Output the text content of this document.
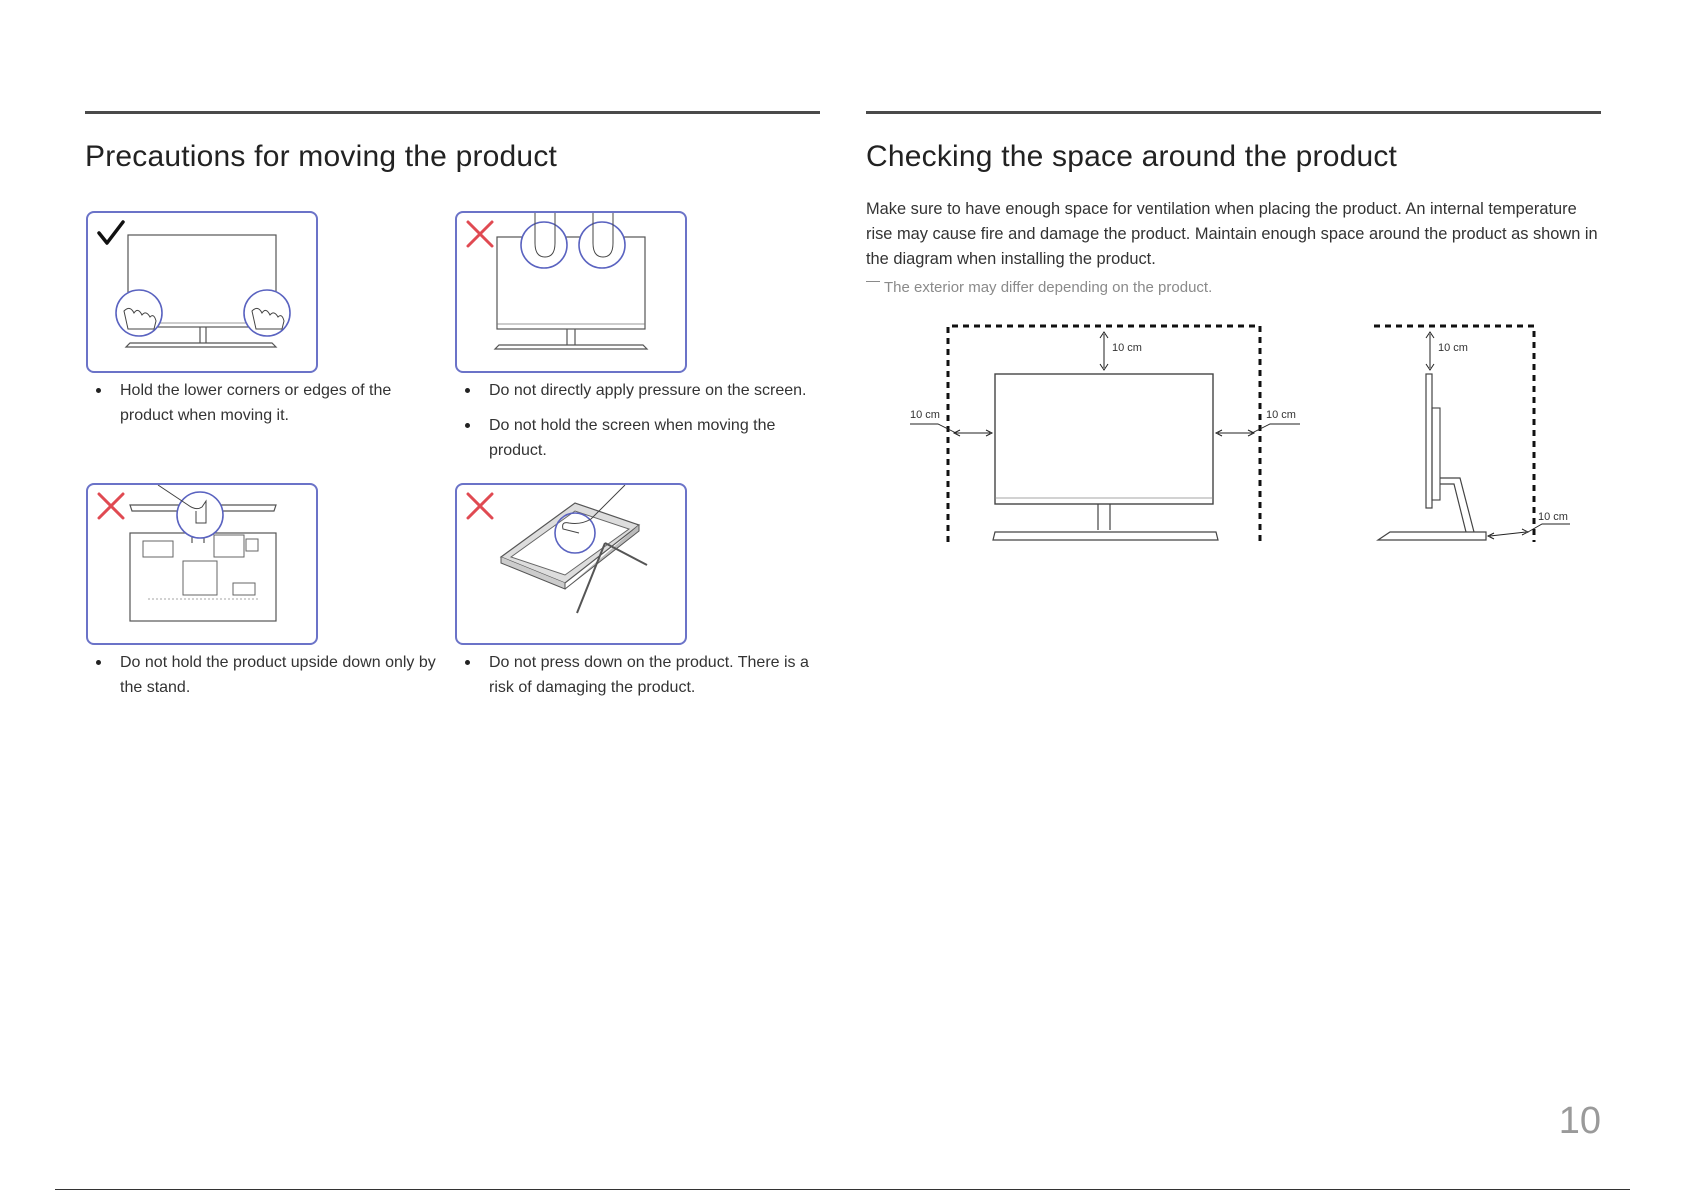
Precautions for moving the product	Checking the space around the product
Hold the lower corners or edges of the product when moving it.
Do not directly apply pressure on the screen.
Do not hold the screen when moving the product.
Do not hold the product upside down only by the stand.
Do not press down on the product. There is a risk of damaging the product.

Make sure to have enough space for ventilation when placing the product. An internal temperature rise may cause fire and damage the product. Maintain enough space around the product as shown in the diagram when installing the product.

The exterior may differ depending on the product.

10 cm
10 cm	10 cm
10 cm
10 cm

10
